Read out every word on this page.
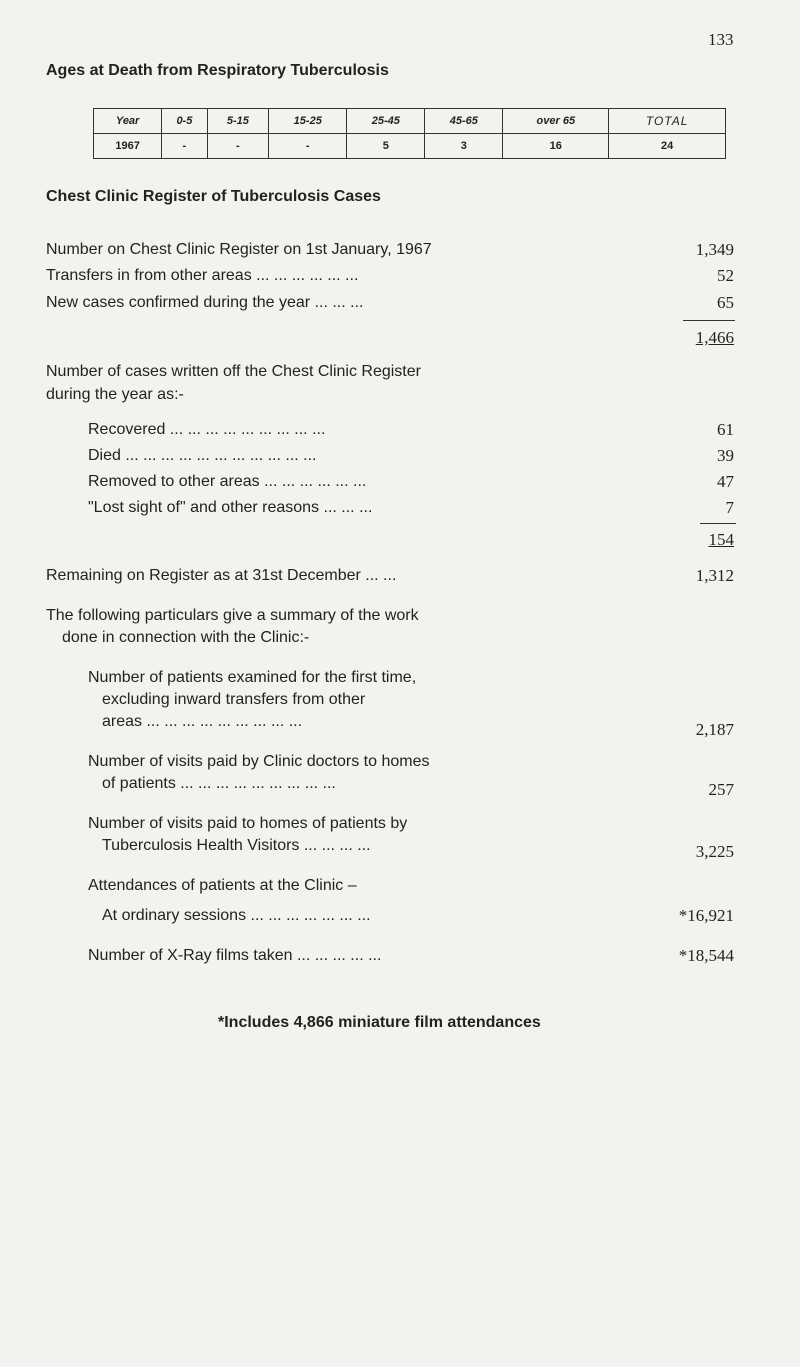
133
Ages at Death from Respiratory Tuberculosis
Year	0-5	5-15	15-25	25-45	45-65	over 65	TOTAL
1967	-	-	-	5	3	16	24
Chest Clinic Register of Tuberculosis Cases
Number on Chest Clinic Register on 1st January, 1967	1,349
Transfers in from other areas ... ... ... ... ... ...	52
New cases confirmed during the year ... ... ...	65
1,466
Number of cases written off the Chest Clinic Register
during the year as:-
Recovered ... ... ... ... ... ... ... ... ...	61
Died ... ... ... ... ... ... ... ... ... ... ...	39
Removed to other areas ... ... ... ... ... ...	47
"Lost sight of" and other reasons ... ... ...	7
154
Remaining on Register as at 31st December ... ...	1,312
The following particulars give a summary of the work
done in connection with the Clinic:-
Number of patients examined for the first time,
excluding inward transfers from other
areas ... ... ... ... ... ... ... ... ...	2,187
Number of visits paid by Clinic doctors to homes
of patients ... ... ... ... ... ... ... ... ...	257
Number of visits paid to homes of patients by
Tuberculosis Health Visitors ... ... ... ...	3,225
Attendances of patients at the Clinic –
At ordinary sessions ... ... ... ... ... ... ...	*16,921
Number of X-Ray films taken ... ... ... ... ...	*18,544
*Includes 4,866 miniature film attendances
